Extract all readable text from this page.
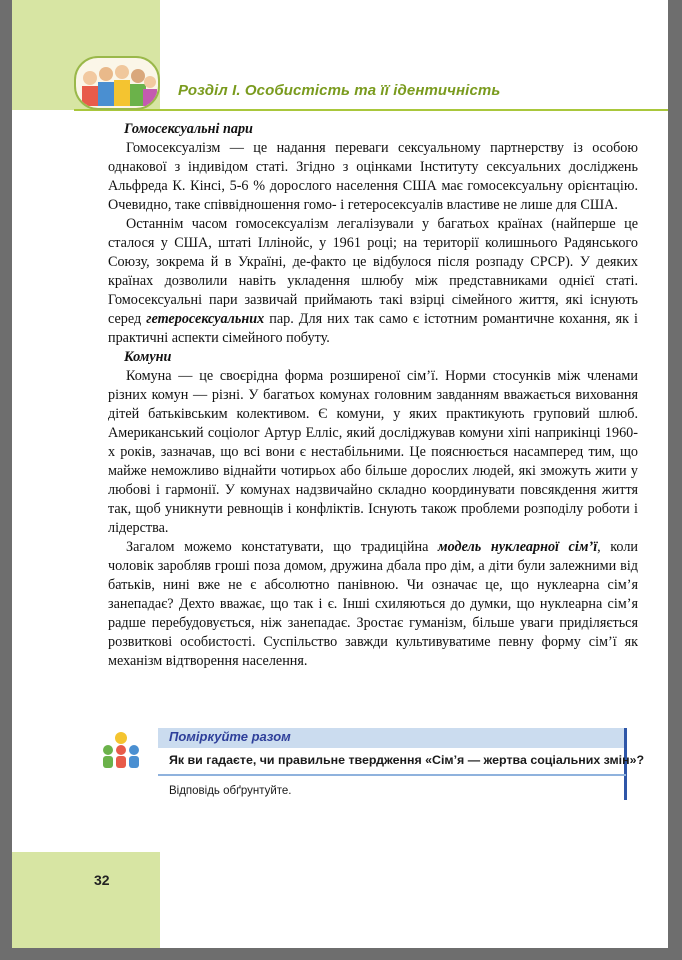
Розділ І. Особистість та її ідентичність
Гомосексуальні пари

Гомосексуалізм — це надання переваги сексуальному партнерству із особою однакової з індивідом статі. Згідно з оцінками Інституту сексуальних досліджень Альфреда К. Кінсі, 5-6 % дорослого населення США має гомосексуальну орієнтацію. Очевидно, таке співвідношення гомо- і гетеросексуалів властиве не лише для США.

Останнім часом гомосексуалізм легалізували у багатьох країнах (найперше це сталося у США, штаті Іллінойс, у 1961 році; на території колишнього Радянського Союзу, зокрема й в Україні, де-факто це відбулося після розпаду СРСР). У деяких країнах дозволили навіть укладення шлюбу між представниками однієї статі. Гомосексуальні пари зазвичай приймають такі взірці сімейного життя, які існують серед гетеросексуальних пар. Для них так само є істотним романтичне кохання, як і практичні аспекти сімейного побуту.

Комуни

Комуна — це своєрідна форма розширеної сім’ї. Норми стосунків між членами різних комун — різні. У багатьох комунах головним завданням вважається виховання дітей батьківським колективом. Є комуни, у яких практикують груповий шлюб. Американський соціолог Артур Елліс, який досліджував комуни хіпі наприкінці 1960-х років, зазначав, що всі вони є нестабільними. Це пояснюється насамперед тим, що майже неможливо віднайти чотирьох або більше дорослих людей, які зможуть жити у любові і гармонії. У комунах надзвичайно складно координувати повсякдення життя так, щоб уникнути ревнощів і конфліктів. Існують також проблеми розподілу роботи і лідерства.

Загалом можемо констатувати, що традиційна модель нуклеарної сім’ї, коли чоловік заробляв гроші поза домом, дружина дбала про дім, а діти були залежними від батьків, нині вже не є абсолютно панівною. Чи означає це, що нуклеарна сім’я занепадає? Дехто вважає, що так і є. Інші схиляються до думки, що нуклеарна сім’я радше перебудовується, ніж занепадає. Зростає гуманізм, більше уваги приділяється розвиткові особистості. Суспільство завжди культивуватиме певну форму сім’ї як механізм відтворення населення.

Поміркуйте разом
Як ви гадаєте, чи правильне твердження «Сім’я — жертва соціальних змін»?
Відповідь обґрунтуйте.
32
